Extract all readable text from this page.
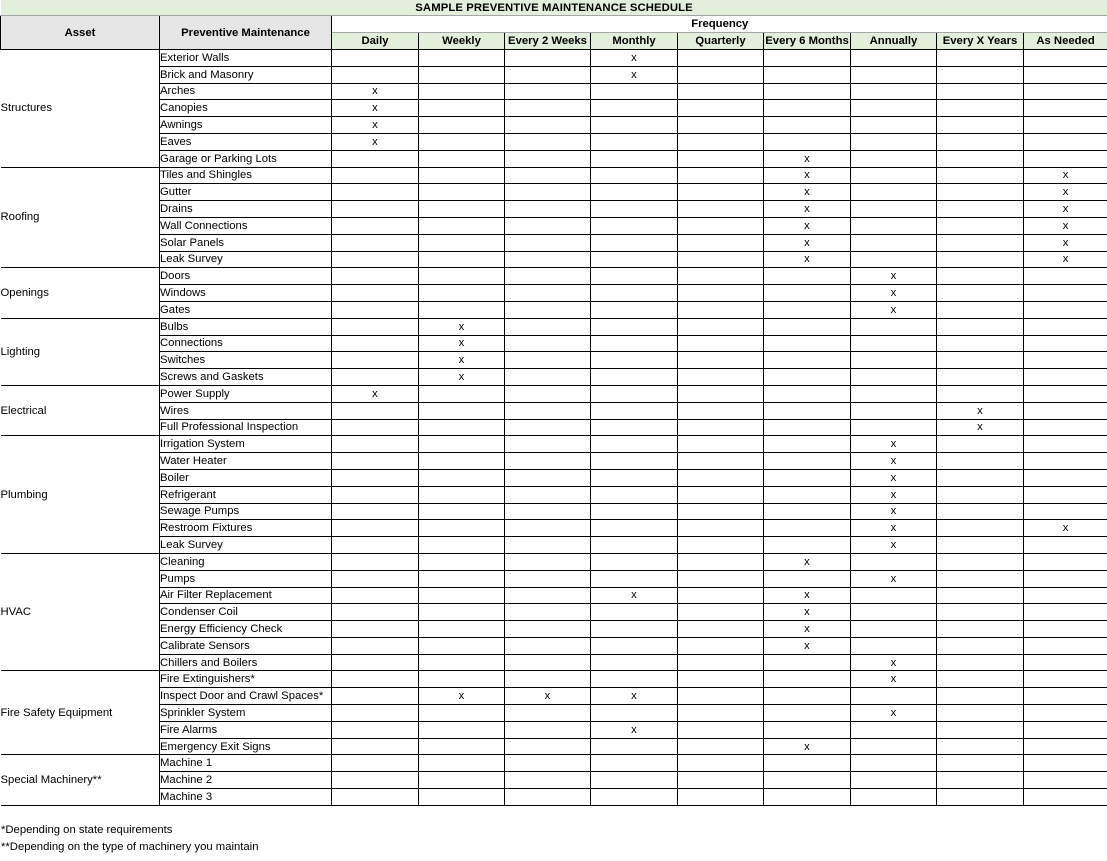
SAMPLE PREVENTIVE MAINTENANCE SCHEDULE										
Asset	Preventive Maintenance	Frequency								
		Daily	Weekly	Every 2 Weeks	Monthly	Quarterly	Every 6 Months	Annually	Every X Years	As Needed
Structures	Exterior Walls				x					
	Brick and Masonry				x					
	Arches	x								
	Canopies	x								
	Awnings	x								
	Eaves	x								
	Garage or Parking Lots						x			
Roofing	Tiles and Shingles						x			x
	Gutter						x			x
	Drains						x			x
	Wall Connections						x			x
	Solar Panels						x			x
	Leak Survey						x			x
Openings	Doors							x		
	Windows							x		
	Gates							x		
Lighting	Bulbs		x							
	Connections		x							
	Switches		x							
	Screws and Gaskets		x							
Electrical	Power Supply	x								
	Wires								x	
	Full Professional Inspection								x	
Plumbing	Irrigation System							x		
	Water Heater							x		
	Boiler							x		
	Refrigerant							x		
	Sewage Pumps							x		
	Restroom Fixtures							x		x
	Leak Survey							x		
HVAC	Cleaning						x			
	Pumps							x		
	Air Filter Replacement				x		x			
	Condenser Coil						x			
	Energy Efficiency Check						x			
	Calibrate Sensors						x			
	Chillers and Boilers							x		
Fire Safety Equipment	Fire Extinguishers*							x		
	Inspect Door and Crawl Spaces*		x	x	x					
	Sprinkler System							x		
	Fire Alarms				x					
	Emergency Exit Signs						x			
Special Machinery**	Machine 1									
	Machine 2									
	Machine 3									
*Depending on state requirements
**Depending on the type of machinery you maintain
